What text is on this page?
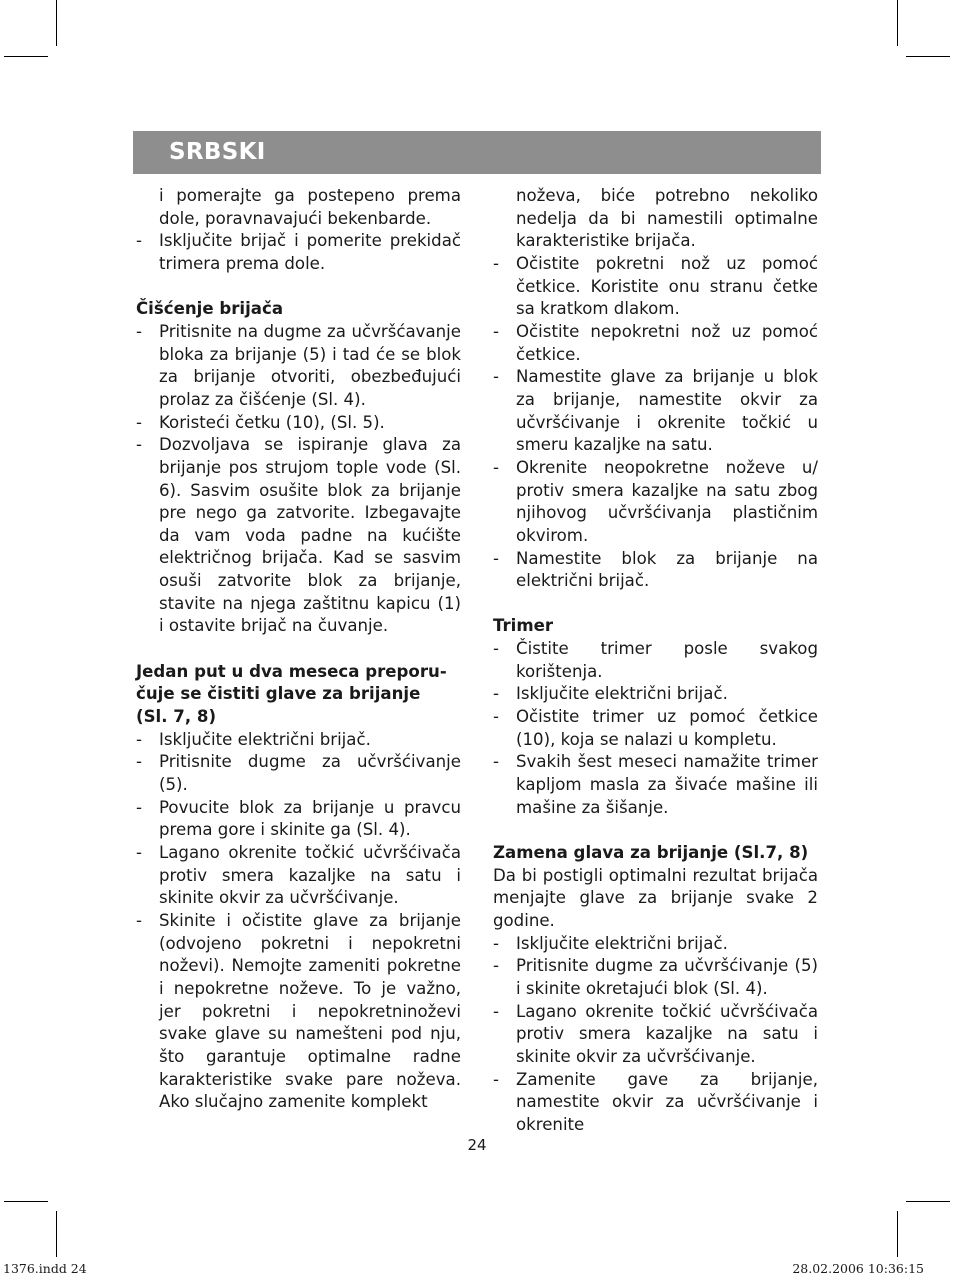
SRBSKI
i pomerajte ga postepeno prema dole, poravnavajući bekenbarde.
- Isključite brijač i pomerite prekidač trimera prema dole.
Čišćenje brijača
- Pritisnite na dugme za učvršćavanje bloka za brijanje (5) i tad će se blok za brijanje otvoriti, obezbeđujući prolaz za čišćenje (Sl. 4).
- Koristeći četku (10), (Sl. 5).
- Dozvoljava se ispiranje glava za brijanje pos strujom tople vode (Sl. 6). Sasvim osušite blok za brijanje pre nego ga zatvorite. Izbegavajte da vam voda padne na kućište električnog brijača. Kad se sasvim osuši zatvorite blok za brijanje, stavite na njega zaštitnu kapicu (1) i ostavite brijač na čuvanje.
Jedan put u dva meseca preporu-
čuje se čistiti glave za brijanje
(Sl. 7, 8)
- Isključite električni brijač.
- Pritisnite dugme za učvršćivanje (5).
- Povucite blok za brijanje u pravcu prema gore i skinite ga (Sl. 4).
- Lagano okrenite točkić učvršćivača protiv smera kazaljke na satu i skinite okvir za učvršćivanje.
- Skinite i očistite glave za brijanje (odvojeno pokretni i nepokretni noževi). Nemojte zameniti pokretne i nepokretne noževe. To je važno, jer pokretni i nepokretninoževi svake glave su namešteni pod nju, što garantuje optimalne radne karakteristike svake pare noževa. Ako slučajno zamenite komplekt
noževa, biće potrebno nekoliko nedelja da bi namestili optimalne karakteristike brijača.
- Očistite pokretni nož uz pomoć četkice. Koristite onu stranu četke sa kratkom dlakom.
- Očistite nepokretni nož uz pomoć četkice.
- Namestite glave za brijanje u blok za brijanje, namestite okvir za učvršćivanje i okrenite točkić u smeru kazaljke na satu.
- Okrenite neopokretne noževe u/ protiv smera kazaljke na satu zbog njihovog učvršćivanja plastičnim okvirom.
- Namestite blok za brijanje na električni brijač.
Trimer
- Čistite trimer posle svakog korištenja.
- Isključite električni brijač.
- Očistite trimer uz pomoć četkice (10), koja se nalazi u kompletu.
- Svakih šest meseci namažite trimer kapljom masla za šivaće mašine ili mašine za šišanje.
Zamena glava za brijanje (Sl.7, 8)
Da bi postigli optimalni rezultat brijača menjajte glave za brijanje svake 2 godine.
- Isključite električni brijač.
- Pritisnite dugme za učvršćivanje (5) i skinite okretajući blok (Sl. 4).
- Lagano okrenite točkić učvršćivača protiv smera kazaljke na satu i skinite okvir za učvršćivanje.
- Zamenite gave za brijanje, namestite okvir za učvršćivanje i okrenite
24
1376.indd 24	28.02.2006 10:36:15
